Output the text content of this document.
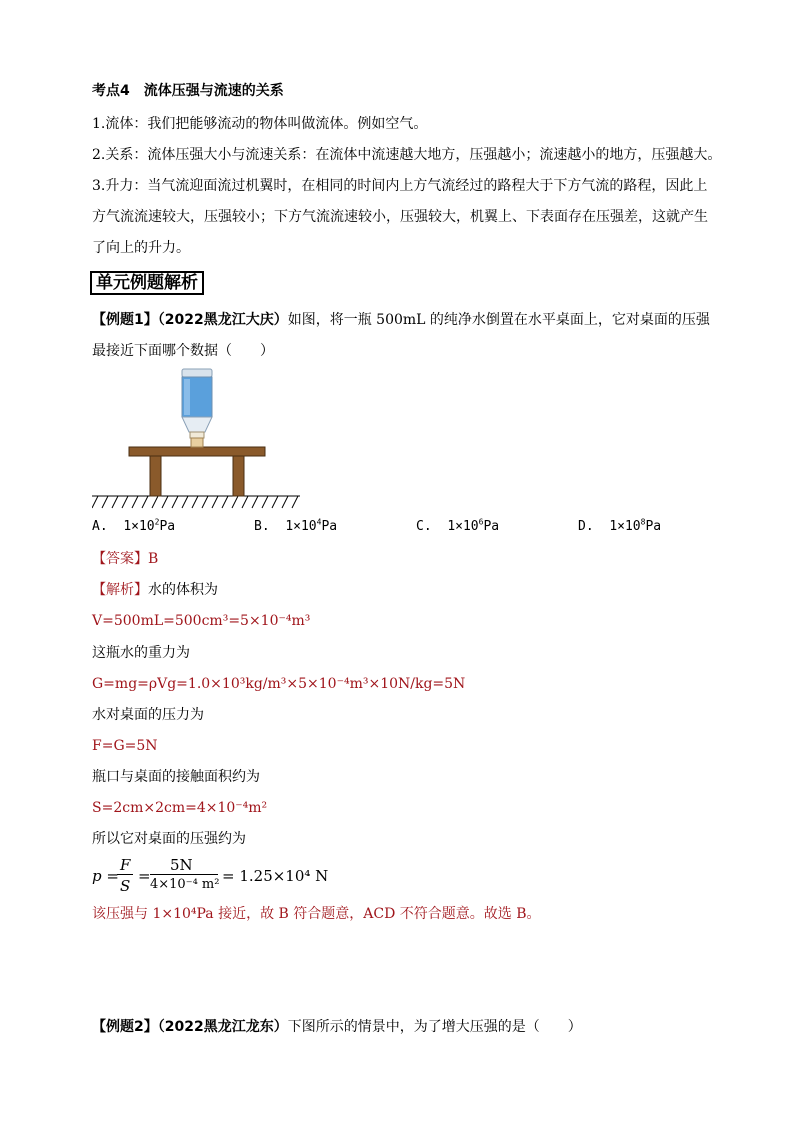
考点4　流体压强与流速的关系
1.流体：我们把能够流动的物体叫做流体。例如空气。
2.关系：流体压强大小与流速关系：在流体中流速越大地方，压强越小；流速越小的地方，压强越大。
3.升力：当气流迎面流过机翼时，在相同的时间内上方气流经过的路程大于下方气流的路程，因此上
方气流流速较大，压强较小；下方气流流速较小，压强较大，机翼上、下表面存在压强差，这就产生
了向上的升力。
单元例题解析
【例题1】（2022黑龙江大庆）如图，将一瓶 500mL 的纯净水倒置在水平桌面上，它对桌面的压强
最接近下面哪个数据（　　）
A. $1\times 10^2Pa$	B. $1\times 10^4Pa$	C. $1\times 10^6Pa$	D. $1\times 10^8Pa$
【答案】B
【解析】水的体积为
V=500mL=500cm³=5×10⁻⁴m³
这瓶水的重力为
G=mg=ρVg=1.0×10³kg/m³×5×10⁻⁴m³×10N/kg=5N
水对桌面的压力为
F=G=5N
瓶口与桌面的接触面积约为
S=2cm×2cm=4×10⁻⁴m²
所以它对桌面的压强约为
p =
F
S
=
5N
4×10⁻⁴ m² = 1.25×10⁴ N
该压强与 1×10⁴Pa 接近，故 B 符合题意，ACD 不符合题意。故选 B。
【例题2】（2022黑龙江龙东）下图所示的情景中，为了增大压强的是（　　）
